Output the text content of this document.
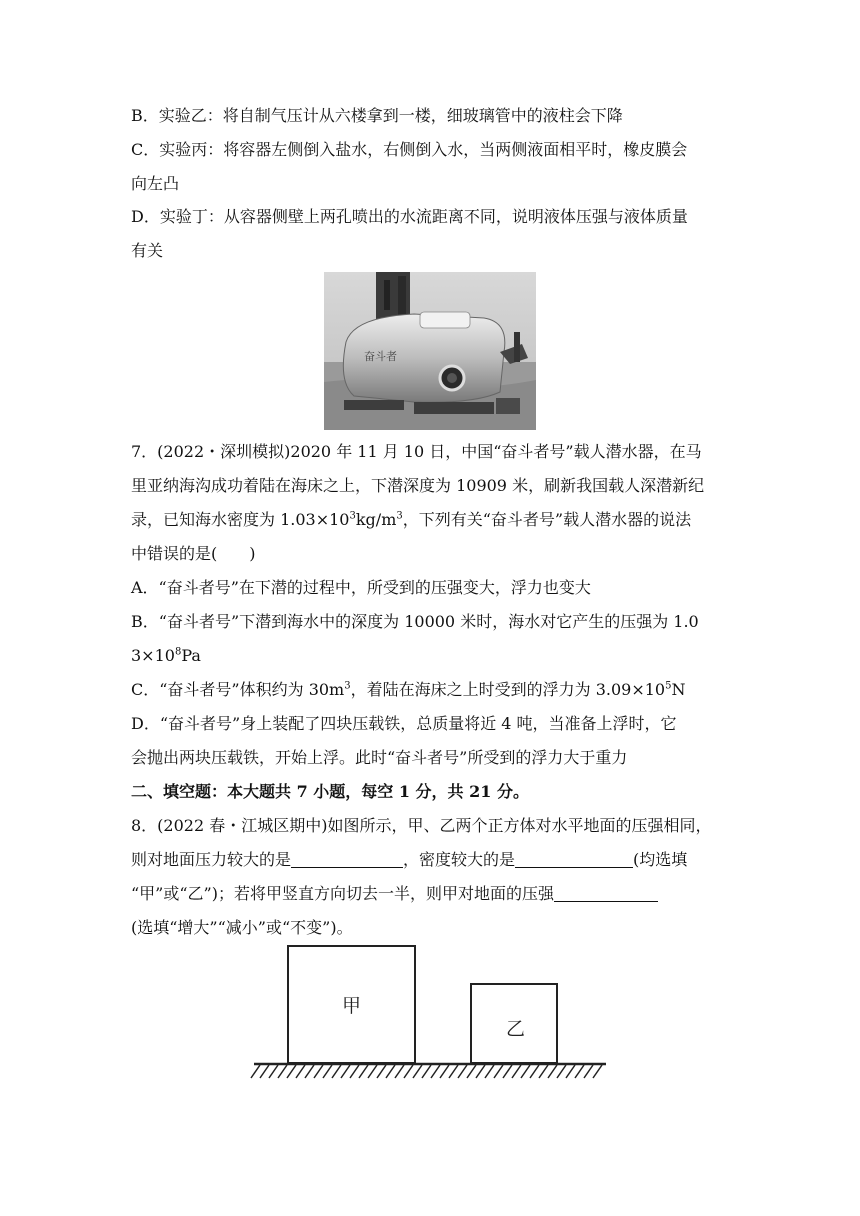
B．实验乙：将自制气压计从六楼拿到一楼，细玻璃管中的液柱会下降
C．实验丙：将容器左侧倒入盐水，右侧倒入水，当两侧液面相平时，橡皮膜会
向左凸
D．实验丁：从容器侧壁上两孔喷出的水流距离不同，说明液体压强与液体质量
有关
奋斗者
7．(2022・深圳模拟)2020 年 11 月 10 日，中国“奋斗者号”载人潜水器，在马
里亚纳海沟成功着陆在海床之上，下潜深度为 10909 米，刷新我国载人深潜新纪
录，已知海水密度为 $1.03\times 10^3kg/m^3$，下列有关“奋斗者号”载人潜水器的说法
中错误的是(　　)
A．“奋斗者号”在下潜的过程中，所受到的压强变大，浮力也变大
B．“奋斗者号”下潜到海水中的深度为 10000 米时，海水对它产生的压强为 1.0
$3\times 10^8Pa$
C．“奋斗者号”体积约为 $30m^3$，着陆在海床之上时受到的浮力为 $3.09\times 10^5N$
D．“奋斗者号”身上装配了四块压载铁，总质量将近 4 吨，当准备上浮时，它
会抛出两块压载铁，开始上浮。此时“奋斗者号”所受到的浮力大于重力
二、填空题：本大题共 7 小题，每空 1 分，共 21 分。
8．(2022 春・江城区期中)如图所示，甲、乙两个正方体对水平地面的压强相同，
则对地面压力较大的是	，密度较大的是	(均选填
“甲”或“乙”)；若将甲竖直方向切去一半，则甲对地面的压强
(选填“增大”“减小”或“不变”)。
甲
乙
